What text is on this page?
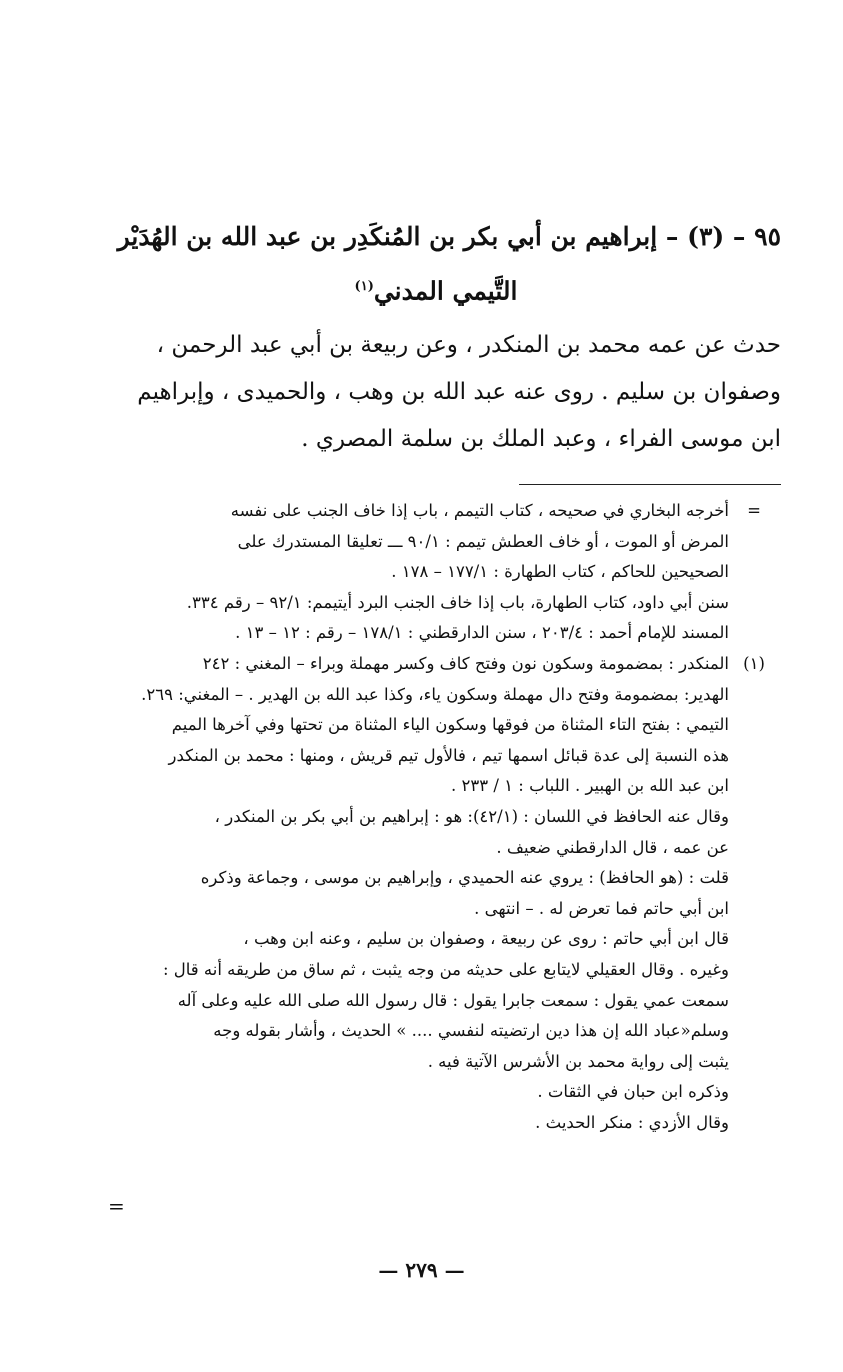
٩٥ – (٣) – إبراهيم بن أبي بكر بن المُنكَدِر بن عبد الله بن الهُدَيْر
التَّيمي المدني$^{(١)}$

حدث عن عمه محمد بن المنكدر ، وعن ربيعة بن أبي عبد الرحمن ،

وصفوان بن سليم . روى عنه عبد الله بن وهب ، والحميدى ، وإبراهيم

ابن موسى الفراء ، وعبد الملك بن سلمة المصري .

=
أخرجه البخاري في صحيحه ، كتاب التيمم ، باب إذا خاف الجنب على نفسه
المرض أو الموت ، أو خاف العطش تيمم : ٩٠/١ ـــ تعليقا المستدرك على
الصحيحين للحاكم ، كتاب الطهارة : ١٧٧/١ – ١٧٨ .
سنن أبي داود، كتاب الطهارة، باب إذا خاف الجنب البرد أيتيمم: ٩٢/١ – رقم ٣٣٤.
المسند للإمام أحمد : ٢٠٣/٤ ، سنن الدارقطني : ١٧٨/١ – رقم : ١٢ – ١٣ .
(١)
المنكدر : بمضمومة وسكون نون وفتح كاف وكسر مهملة وبراء – المغني : ٢٤٢
الهدير: بمضمومة وفتح دال مهملة وسكون ياء، وكذا عبد الله بن الهدير . – المغني: ٢٦٩.
التيمي : بفتح التاء المثناة من فوقها وسكون الياء المثناة من تحتها وفي آخرها الميم
هذه النسبة إلى عدة قبائل اسمها تيم ، فالأول تيم قريش ، ومنها : محمد بن المنكدر
ابن عبد الله بن الهبير . اللباب : ١ / ٢٣٣ .
وقال عنه الحافظ في اللسان : (٤٢/١): هو : إبراهيم بن أبي بكر بن المنكدر ،
عن عمه ، قال الدارقطني ضعيف .
قلت : (هو الحافظ) : يروي عنه الحميدي ، وإبراهيم بن موسى ، وجماعة وذكره
ابن أبي حاتم فما تعرض له . – انتهى .
قال ابن أبي حاتم : روى عن ربيعة ، وصفوان بن سليم ، وعنه ابن وهب ،
وغيره . وقال العقيلي لايتابع على حديثه من وجه يثبت ، ثم ساق من طريقه أنه قال :
سمعت عمي يقول : سمعت جابرا يقول : قال رسول الله صلى الله عليه وعلى آله
وسلم«عباد الله إن هذا دين ارتضيته لنفسي .... » الحديث ، وأشار بقوله وجه
يثبت إلى رواية محمد بن الأشرس الآتية فيه .
وذكره ابن حبان في الثقات .
وقال الأزدي : منكر الحديث .
=
— ٢٧٩ —
